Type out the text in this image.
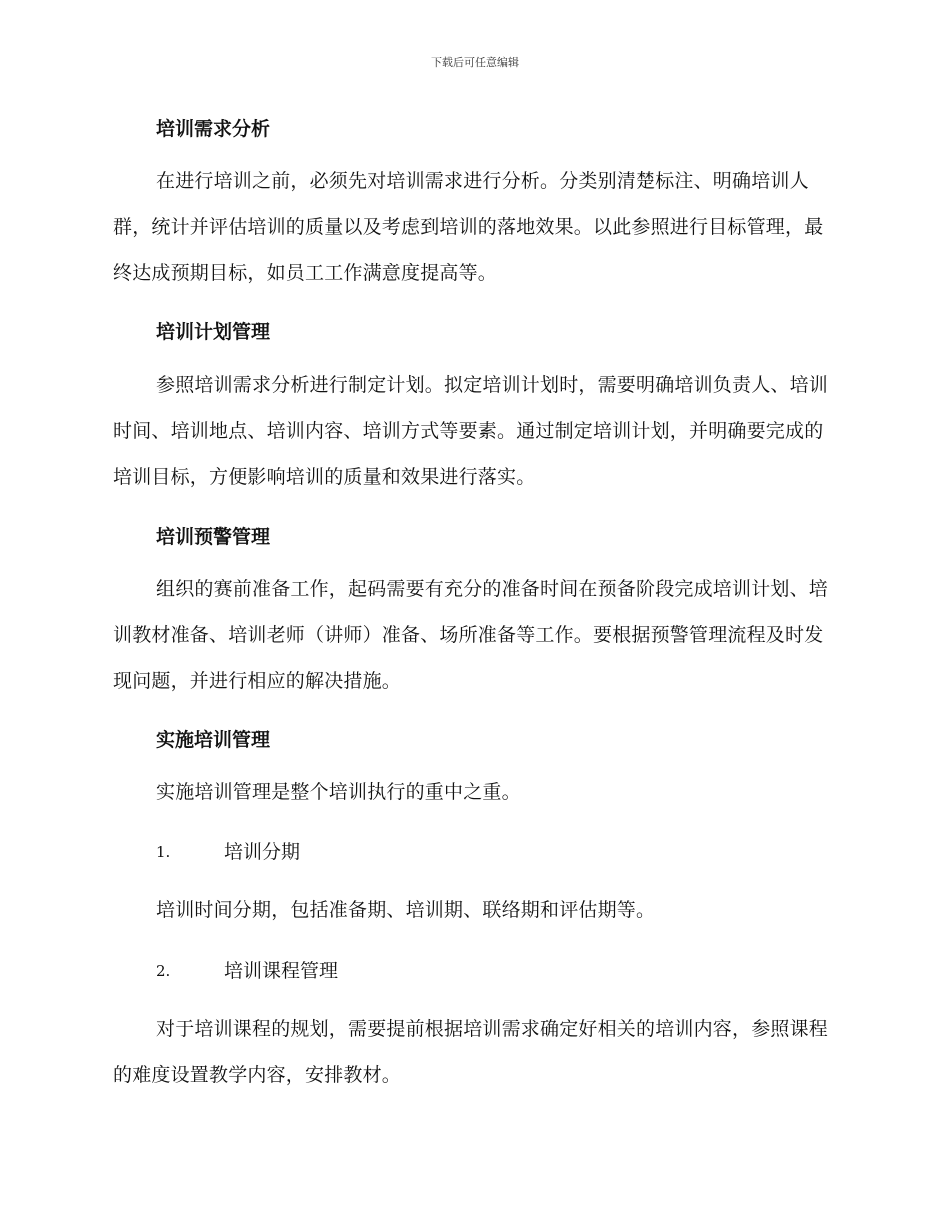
下载后可任意编辑
培训需求分析

在进行培训之前，必须先对培训需求进行分析。分类别清楚标注、明确培训人群，统计并评估培训的质量以及考虑到培训的落地效果。以此参照进行目标管理，最终达成预期目标，如员工工作满意度提高等。

培训计划管理

参照培训需求分析进行制定计划。拟定培训计划时，需要明确培训负责人、培训时间、培训地点、培训内容、培训方式等要素。通过制定培训计划，并明确要完成的培训目标，方便影响培训的质量和效果进行落实。

培训预警管理

组织的赛前准备工作，起码需要有充分的准备时间在预备阶段完成培训计划、培训教材准备、培训老师（讲师）准备、场所准备等工作。要根据预警管理流程及时发现问题，并进行相应的解决措施。

实施培训管理

实施培训管理是整个培训执行的重中之重。

1.	培训分期

培训时间分期，包括准备期、培训期、联络期和评估期等。

2.	培训课程管理

对于培训课程的规划，需要提前根据培训需求确定好相关的培训内容，参照课程的难度设置教学内容，安排教材。
